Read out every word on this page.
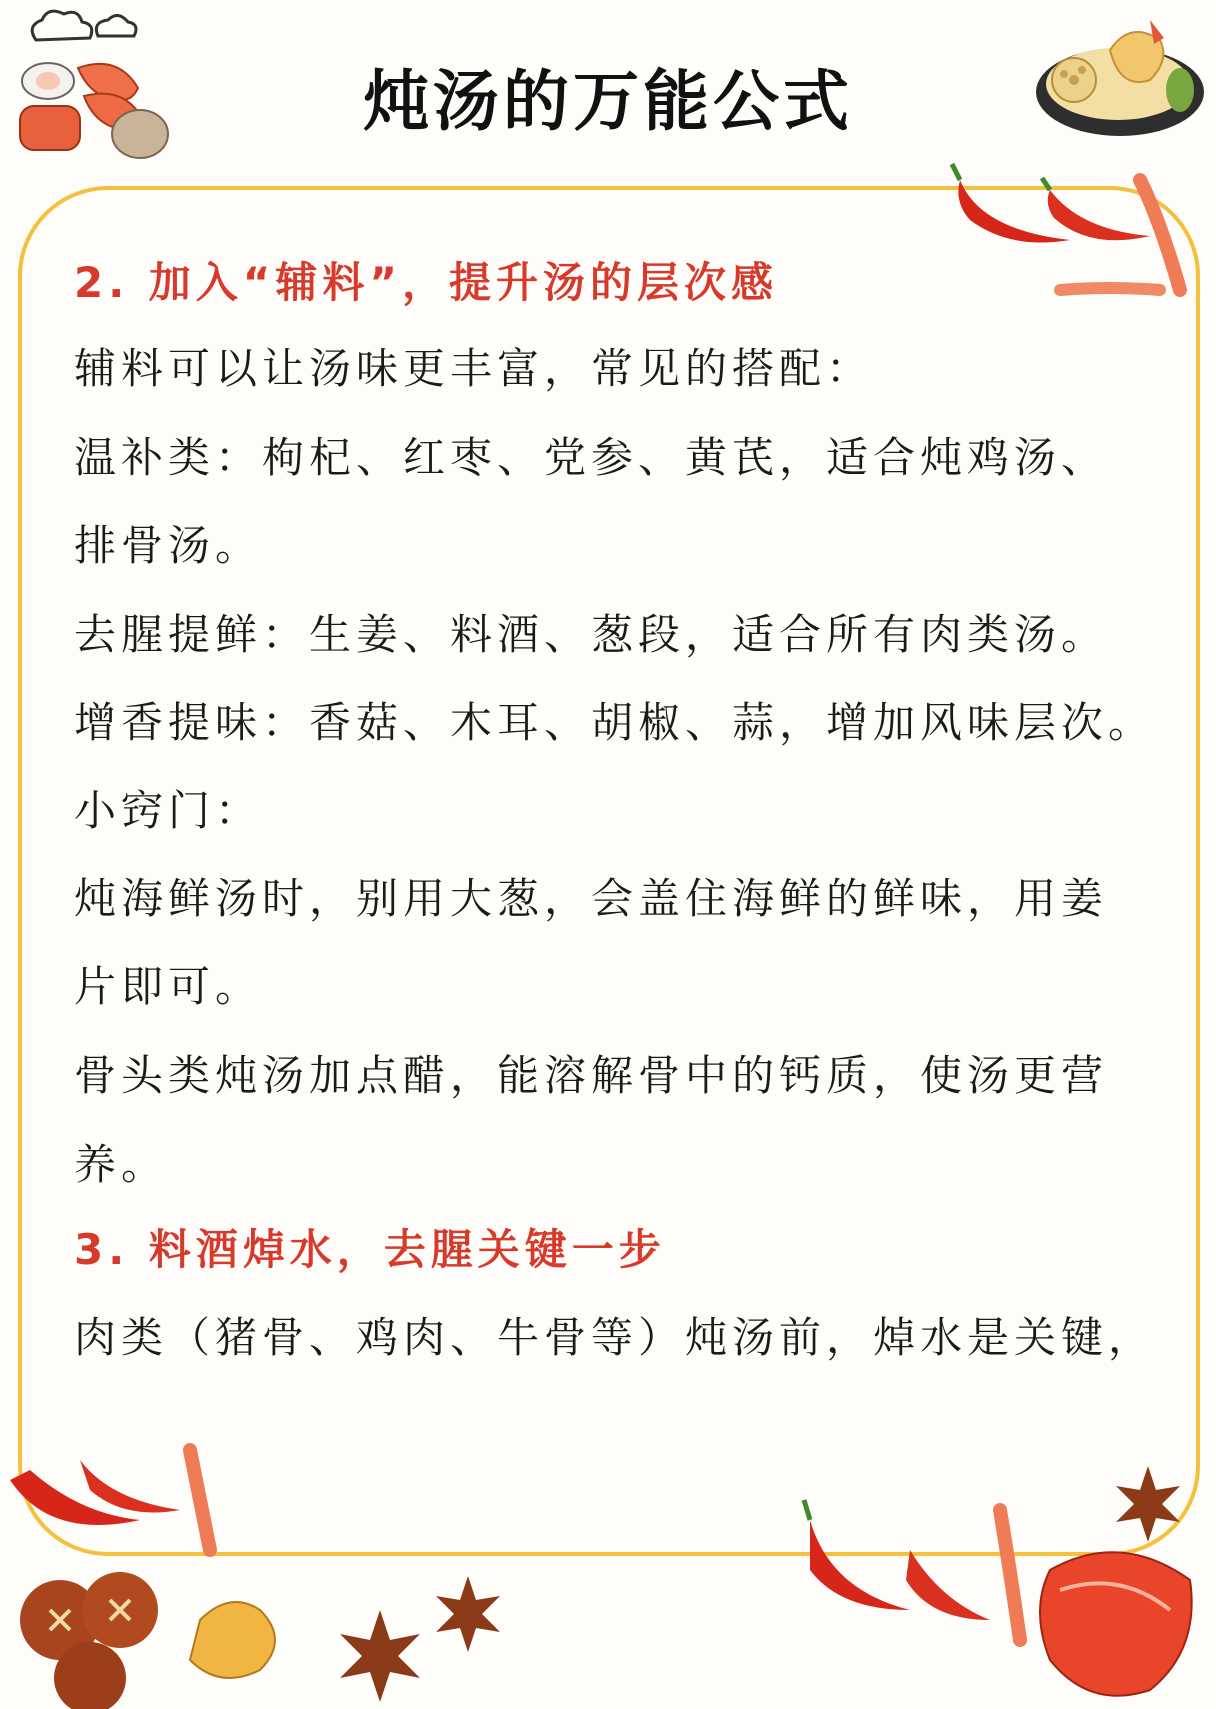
炖汤的万能公式
2. 加入“辅料”，提升汤的层次感
辅料可以让汤味更丰富，常见的搭配：
温补类：枸杞、红枣、党参、黄芪，适合炖鸡汤、
排骨汤。
去腥提鲜：生姜、料酒、葱段，适合所有肉类汤。
增香提味：香菇、木耳、胡椒、蒜，增加风味层次。
小窍门：
炖海鲜汤时，别用大葱，会盖住海鲜的鲜味，用姜
片即可。
骨头类炖汤加点醋，能溶解骨中的钙质，使汤更营
养。
3. 料酒焯水，去腥关键一步
肉类（猪骨、鸡肉、牛骨等）炖汤前，焯水是关键，
